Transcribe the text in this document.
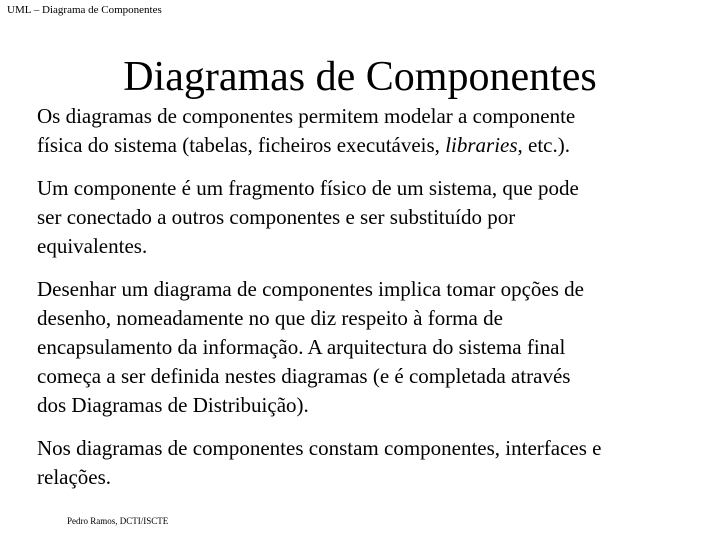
UML – Diagrama de Componentes
Diagramas de Componentes
Os diagramas de componentes permitem modelar a componente
física do sistema (tabelas, ficheiros executáveis, libraries, etc.).
Um componente é um fragmento físico de um sistema, que pode
ser conectado a outros componentes e ser substituído por
equivalentes.
Desenhar um diagrama de componentes implica tomar opções de
desenho, nomeadamente no que diz respeito à forma de
encapsulamento da informação. A arquitectura do sistema final
começa a ser definida nestes diagramas (e é completada através
dos Diagramas de Distribuição).
Nos diagramas de componentes constam componentes, interfaces e
relações.
Pedro Ramos, DCTI/ISCTE
